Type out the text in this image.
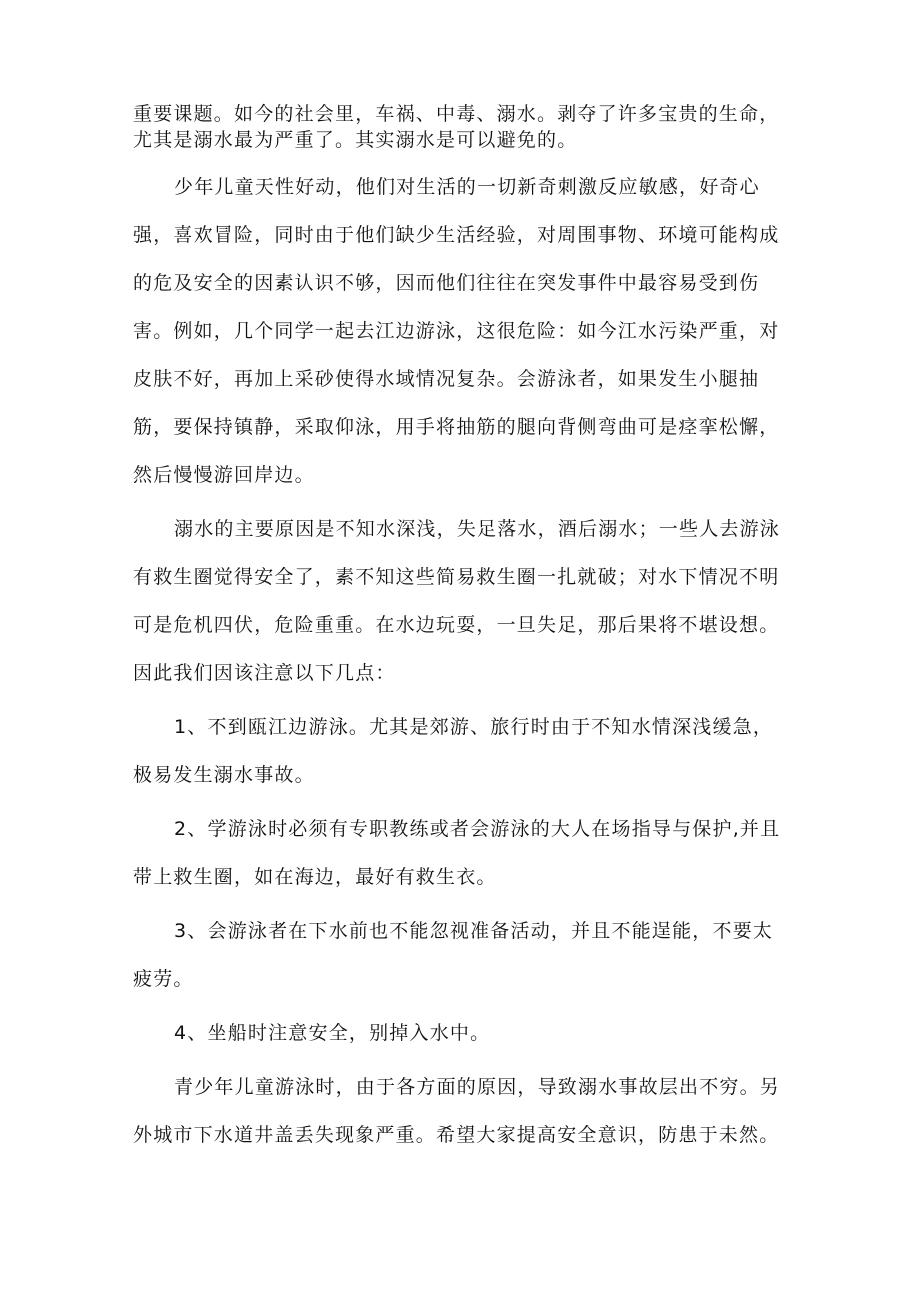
重要课题。如今的社会里，车祸、中毒、溺水。剥夺了许多宝贵的生命，
尤其是溺水最为严重了。其实溺水是可以避免的。
少年儿童天性好动，他们对生活的一切新奇刺激反应敏感，好奇心
强，喜欢冒险，同时由于他们缺少生活经验，对周围事物、环境可能构成
的危及安全的因素认识不够，因而他们往往在突发事件中最容易受到伤
害。例如，几个同学一起去江边游泳，这很危险：如今江水污染严重，对
皮肤不好，再加上采砂使得水域情况复杂。会游泳者，如果发生小腿抽
筋，要保持镇静，采取仰泳，用手将抽筋的腿向背侧弯曲可是痉挛松懈，
然后慢慢游回岸边。
溺水的主要原因是不知水深浅，失足落水，酒后溺水；一些人去游泳
有救生圈觉得安全了，素不知这些简易救生圈一扎就破；对水下情况不明
可是危机四伏，危险重重。在水边玩耍，一旦失足，那后果将不堪设想。
因此我们因该注意以下几点：
1、不到瓯江边游泳。尤其是郊游、旅行时由于不知水情深浅缓急，
极易发生溺水事故。
2、学游泳时必须有专职教练或者会游泳的大人在场指导与保护,并且
带上救生圈，如在海边，最好有救生衣。
3、会游泳者在下水前也不能忽视准备活动，并且不能逞能，不要太
疲劳。
4、坐船时注意安全，别掉入水中。
青少年儿童游泳时，由于各方面的原因，导致溺水事故层出不穷。另
外城市下水道井盖丢失现象严重。希望大家提高安全意识，防患于未然。
